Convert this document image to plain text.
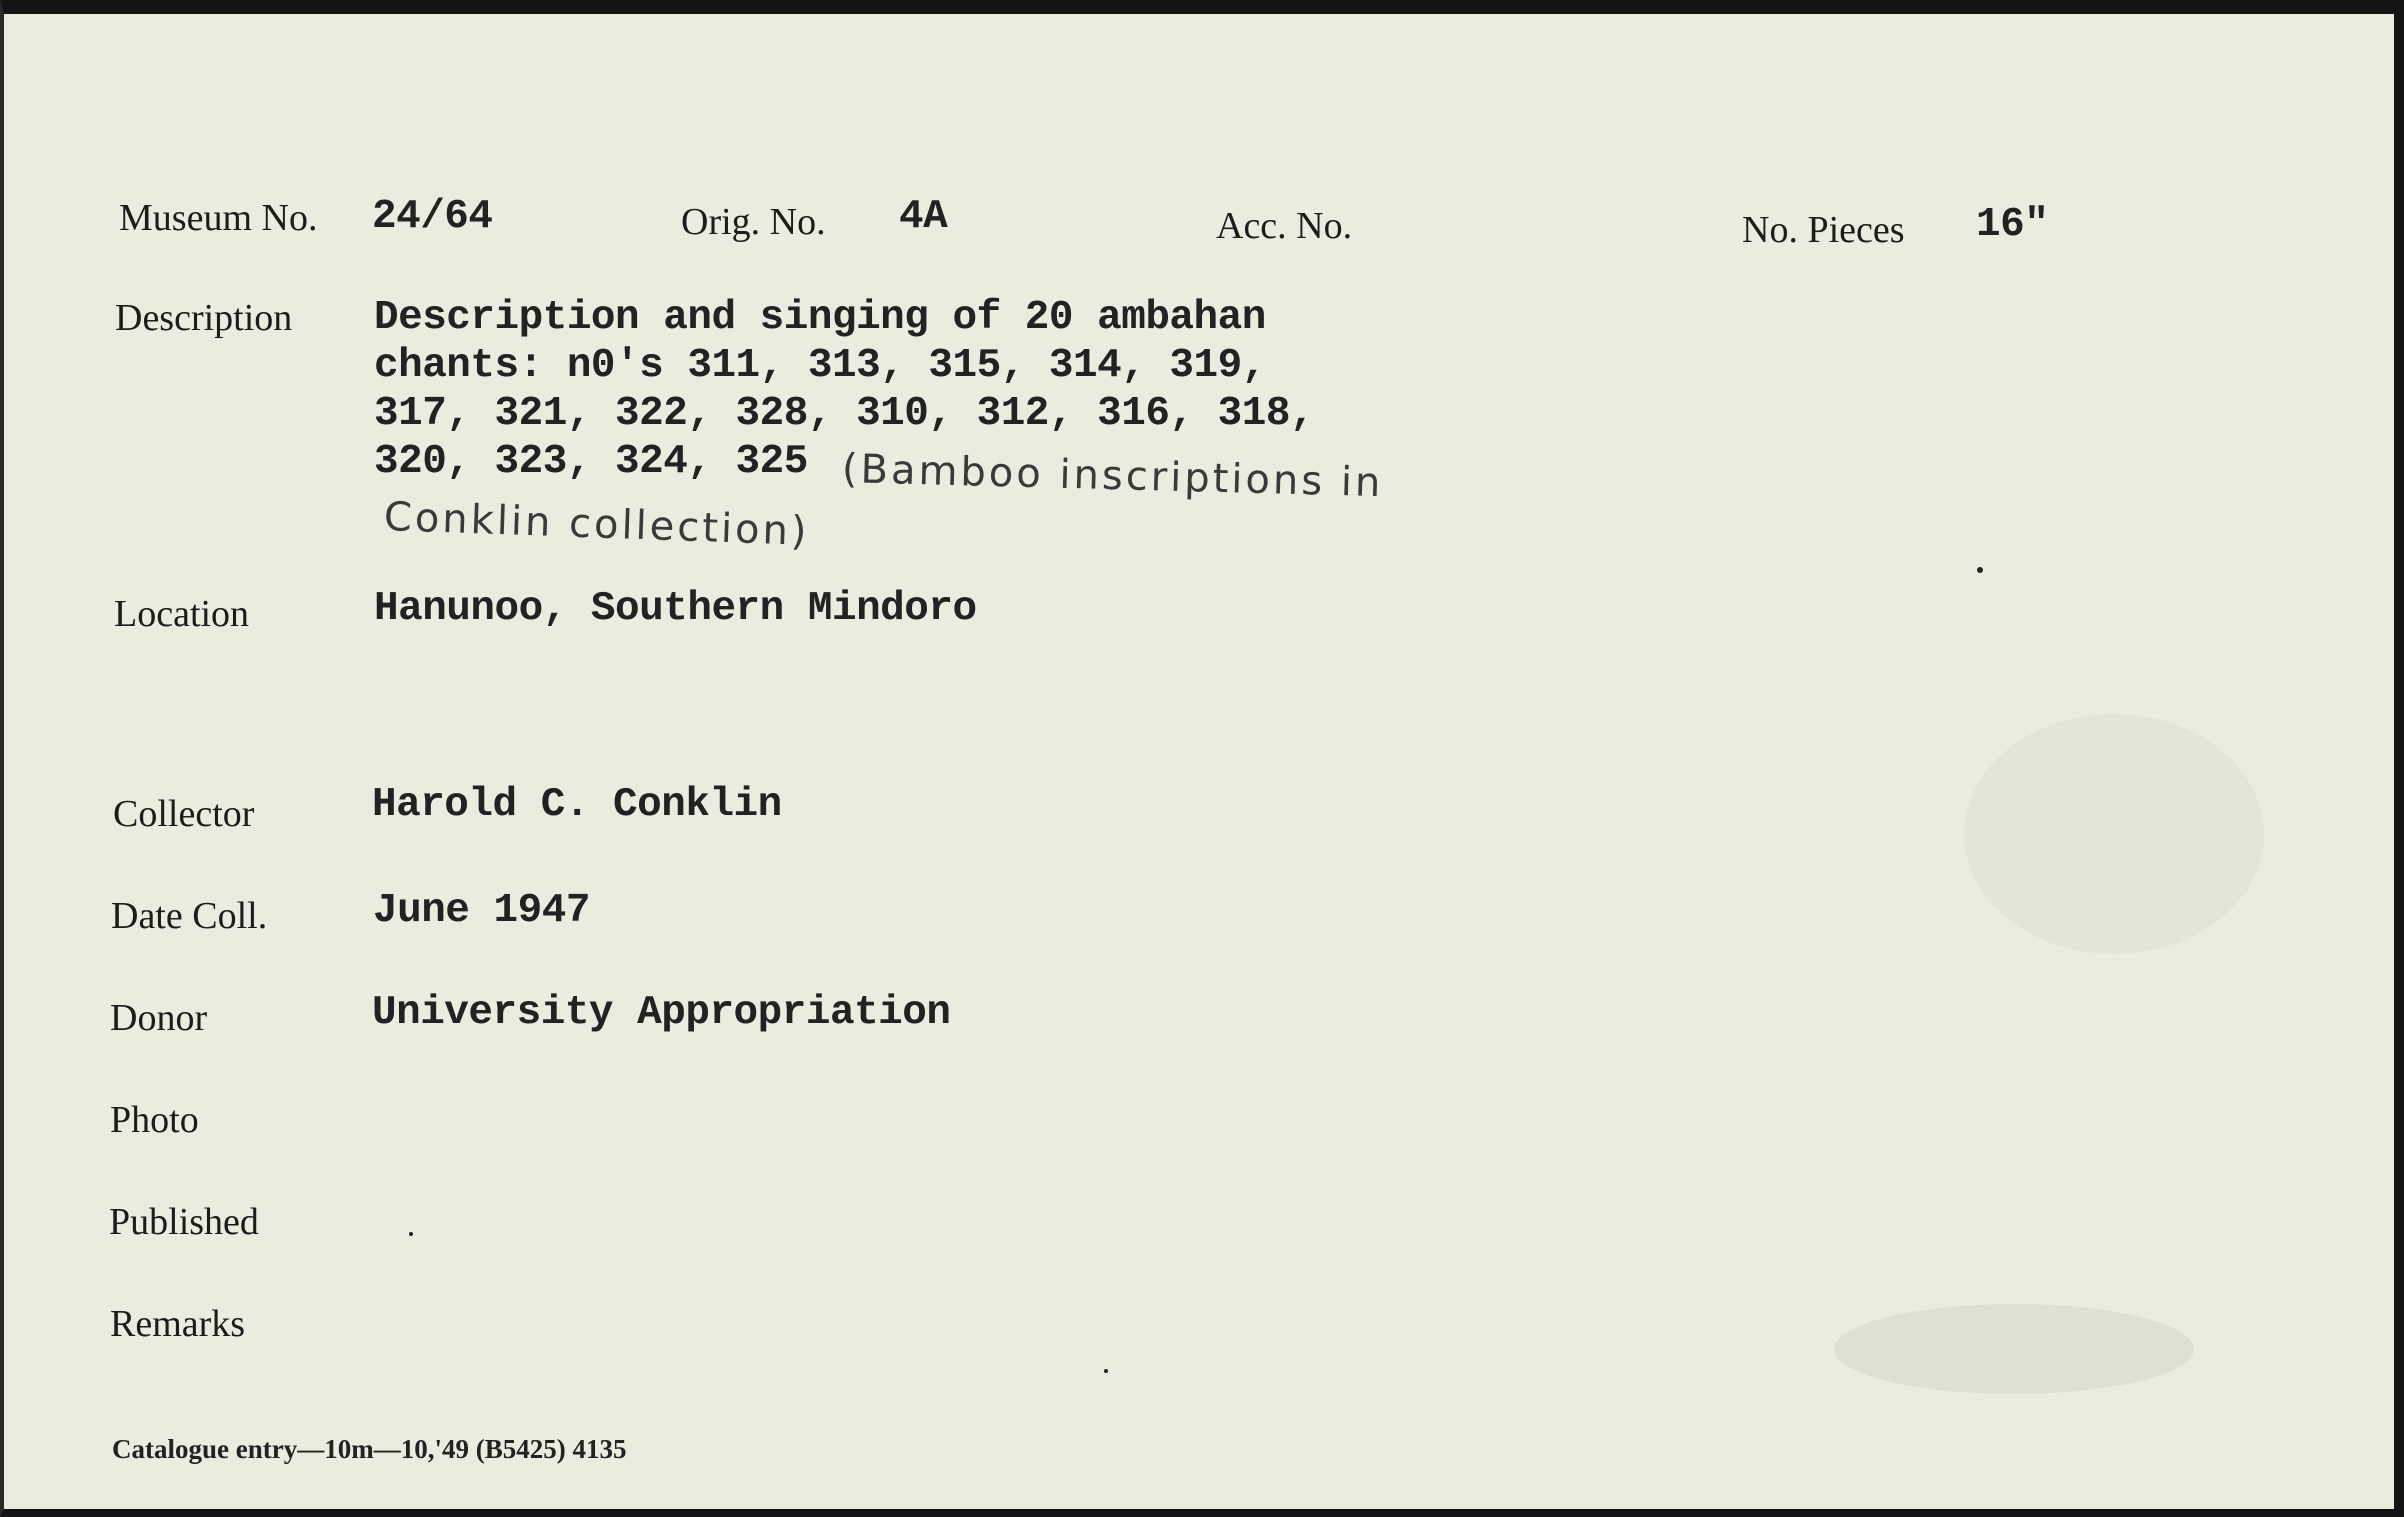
Museum No. 24/64	Orig. No. 4A	Acc. No.	No. Pieces 16"
Description Description and singing of 20 ambahan
chants: n0's 311, 313, 315, 314, 319,
317, 321, 322, 328, 310, 312, 316, 318,
320, 323, 324, 325 (Bamboo inscriptions in
Conklin collection)
Location	Hanunoo, Southern Mindoro
Collector	Harold C. Conklin
Date Coll.	June 1947
Donor	University Appropriation
Photo
Published
Remarks
Catalogue entry—10m—10,'49 (B5425) 4135
